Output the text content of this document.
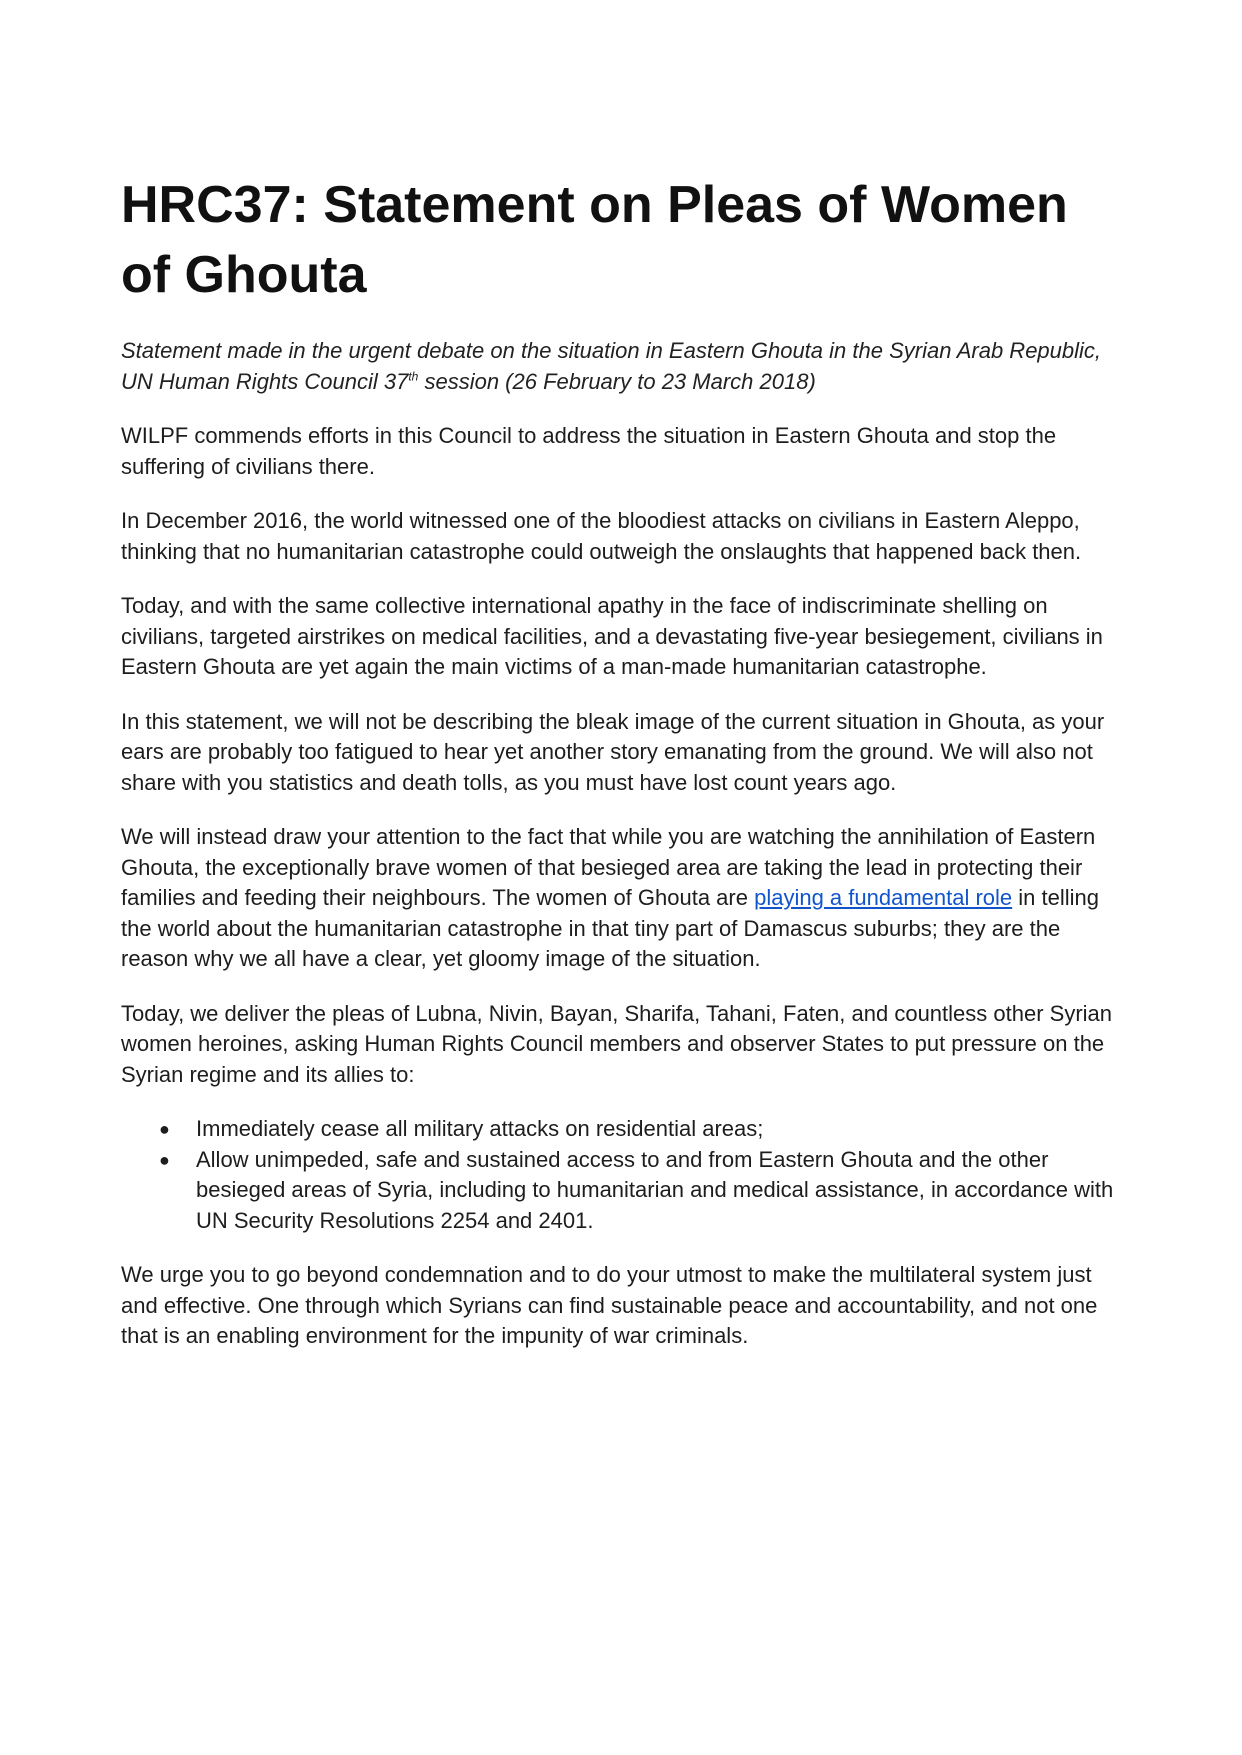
HRC37: Statement on Pleas of Women of Ghouta

Statement made in the urgent debate on the situation in Eastern Ghouta in the Syrian Arab Republic, UN Human Rights Council 37th session (26 February to 23 March 2018)

WILPF commends efforts in this Council to address the situation in Eastern Ghouta and stop the suffering of civilians there.

In December 2016, the world witnessed one of the bloodiest attacks on civilians in Eastern Aleppo, thinking that no humanitarian catastrophe could outweigh the onslaughts that happened back then.

Today, and with the same collective international apathy in the face of indiscriminate shelling on civilians, targeted airstrikes on medical facilities, and a devastating five-year besiegement, civilians in Eastern Ghouta are yet again the main victims of a man-made humanitarian catastrophe.

In this statement, we will not be describing the bleak image of the current situation in Ghouta, as your ears are probably too fatigued to hear yet another story emanating from the ground. We will also not share with you statistics and death tolls, as you must have lost count years ago.

We will instead draw your attention to the fact that while you are watching the annihilation of Eastern Ghouta, the exceptionally brave women of that besieged area are taking the lead in protecting their families and feeding their neighbours. The women of Ghouta are playing a fundamental role in telling the world about the humanitarian catastrophe in that tiny part of Damascus suburbs; they are the reason why we all have a clear, yet gloomy image of the situation.

Today, we deliver the pleas of Lubna, Nivin, Bayan, Sharifa, Tahani, Faten, and countless other Syrian women heroines, asking Human Rights Council members and observer States to put pressure on the Syrian regime and its allies to:

● Immediately cease all military attacks on residential areas;
● Allow unimpeded, safe and sustained access to and from Eastern Ghouta and the other besieged areas of Syria, including to humanitarian and medical assistance, in accordance with UN Security Resolutions 2254 and 2401.

We urge you to go beyond condemnation and to do your utmost to make the multilateral system just and effective. One through which Syrians can find sustainable peace and accountability, and not one that is an enabling environment for the impunity of war criminals.
